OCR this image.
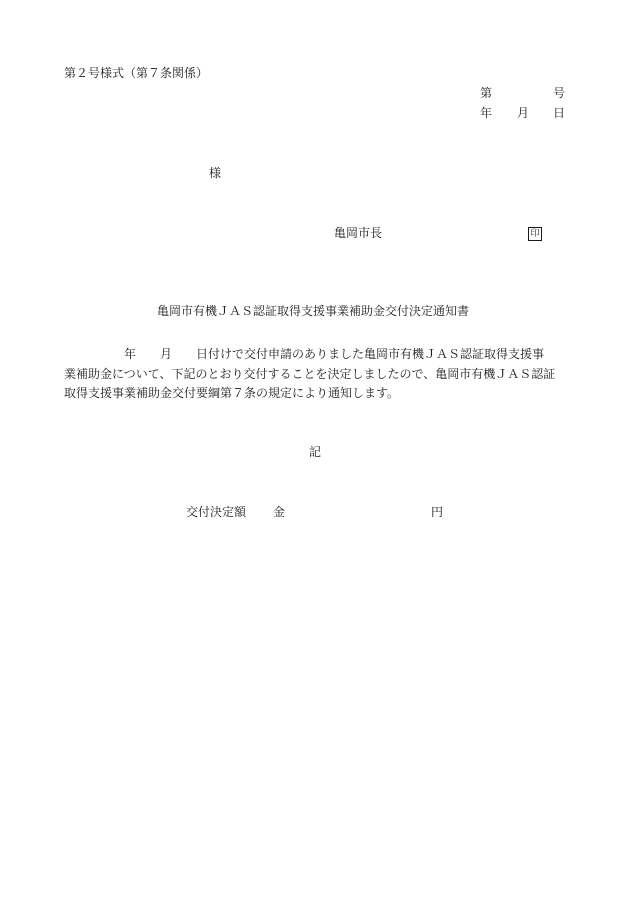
第２号様式（第７条関係）
第	号
年 月 日
様
亀岡市長	印
亀岡市有機ＪＡＳ認証取得支援事業補助金交付決定通知書
　　　　　年　　月　　日付けで交付申請のありました亀岡市有機ＪＡＳ認証取得支援事
業補助金について、下記のとおり交付することを決定しましたので、亀岡市有機ＪＡＳ認証
取得支援事業補助金交付要綱第７条の規定により通知します。
記
交付決定額 金	円
